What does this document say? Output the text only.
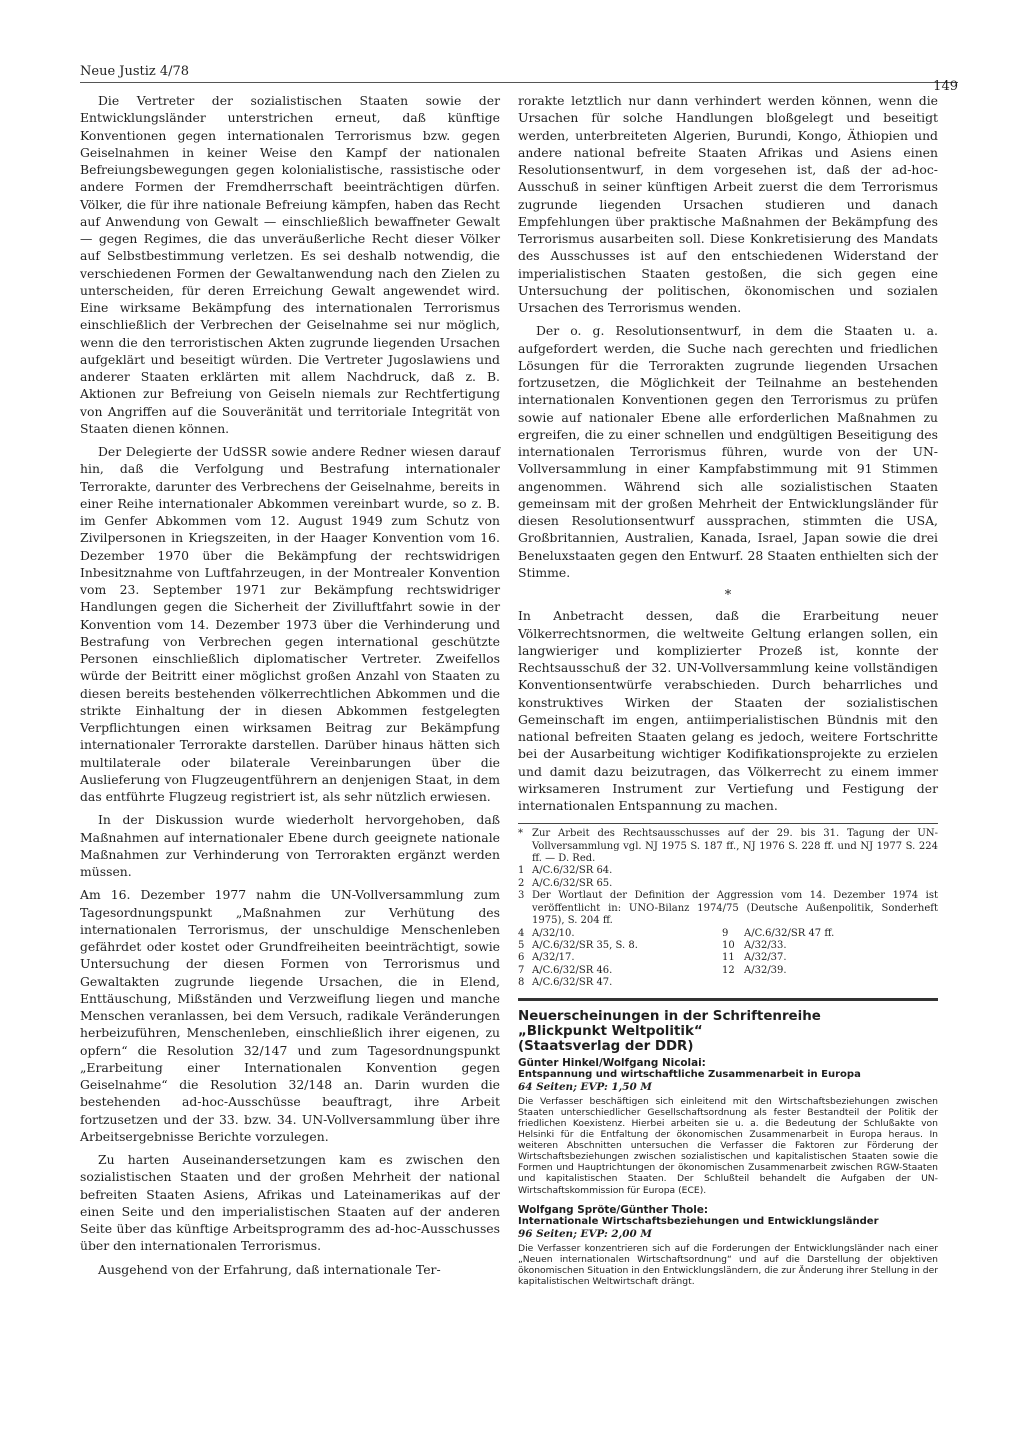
Neue Justiz 4/78
149

Die Vertreter der sozialistischen Staaten sowie der Entwicklungsländer unterstrichen erneut, daß künftige Konventionen gegen internationalen Terrorismus bzw. gegen Geiselnahmen in keiner Weise den Kampf der nationalen Befreiungsbewegungen gegen kolonialistische, rassistische oder andere Formen der Fremdherrschaft beeinträchtigen dürfen. Völker, die für ihre nationale Befreiung kämpfen, haben das Recht auf Anwendung von Gewalt — einschließlich bewaffneter Gewalt — gegen Regimes, die das unveräußerliche Recht dieser Völker auf Selbstbestimmung verletzen. Es sei deshalb notwendig, die verschiedenen Formen der Gewaltanwendung nach den Zielen zu unterscheiden, für deren Erreichung Gewalt angewendet wird. Eine wirksame Bekämpfung des internationalen Terrorismus einschließlich der Verbrechen der Geiselnahme sei nur möglich, wenn die den terroristischen Akten zugrunde liegenden Ursachen aufgeklärt und beseitigt würden. Die Vertreter Jugoslawiens und anderer Staaten erklärten mit allem Nachdruck, daß z. B. Aktionen zur Befreiung von Geiseln niemals zur Rechtfertigung von Angriffen auf die Souveränität und territoriale Integrität von Staaten dienen können.

Der Delegierte der UdSSR sowie andere Redner wiesen darauf hin, daß die Verfolgung und Bestrafung internationaler Terrorakte, darunter des Verbrechens der Geiselnahme, bereits in einer Reihe internationaler Abkommen vereinbart wurde, so z. B. im Genfer Abkommen vom 12. August 1949 zum Schutz von Zivilpersonen in Kriegszeiten, in der Haager Konvention vom 16. Dezember 1970 über die Bekämpfung der rechtswidrigen Inbesitznahme von Luftfahrzeugen, in der Montrealer Konvention vom 23. September 1971 zur Bekämpfung rechtswidriger Handlungen gegen die Sicherheit der Zivilluftfahrt sowie in der Konvention vom 14. Dezember 1973 über die Verhinderung und Bestrafung von Verbrechen gegen international geschützte Personen einschließlich diplomatischer Vertreter. Zweifellos würde der Beitritt einer möglichst großen Anzahl von Staaten zu diesen bereits bestehenden völkerrechtlichen Abkommen und die strikte Einhaltung der in diesen Abkommen festgelegten Verpflichtungen einen wirksamen Beitrag zur Bekämpfung internationaler Terrorakte darstellen. Darüber hinaus hätten sich multilaterale oder bilaterale Vereinbarungen über die Auslieferung von Flugzeugentführern an denjenigen Staat, in dem das entführte Flugzeug registriert ist, als sehr nützlich erwiesen.

In der Diskussion wurde wiederholt hervorgehoben, daß Maßnahmen auf internationaler Ebene durch geeignete nationale Maßnahmen zur Verhinderung von Terrorakten ergänzt werden müssen.

Am 16. Dezember 1977 nahm die UN-Vollversammlung zum Tagesordnungspunkt „Maßnahmen zur Verhütung des internationalen Terrorismus, der unschuldige Menschenleben gefährdet oder kostet oder Grundfreiheiten beeinträchtigt, sowie Untersuchung der diesen Formen von Terrorismus und Gewaltakten zugrunde liegende Ursachen, die in Elend, Enttäuschung, Mißständen und Verzweiflung liegen und manche Menschen veranlassen, bei dem Versuch, radikale Veränderungen herbeizuführen, Menschenleben, einschließlich ihrer eigenen, zu opfern“ die Resolution 32/147 und zum Tagesordnungspunkt „Erarbeitung einer Internationalen Konvention gegen Geiselnahme“ die Resolution 32/148 an. Darin wurden die bestehenden ad-hoc-Ausschüsse beauftragt, ihre Arbeit fortzusetzen und der 33. bzw. 34. UN-Vollversammlung über ihre Arbeitsergebnisse Berichte vorzulegen.

Zu harten Auseinandersetzungen kam es zwischen den sozialistischen Staaten und der großen Mehrheit der national befreiten Staaten Asiens, Afrikas und Lateinamerikas auf der einen Seite und den imperialistischen Staaten auf der anderen Seite über das künftige Arbeitsprogramm des ad-hoc-Ausschusses über den internationalen Terrorismus.

Ausgehend von der Erfahrung, daß internationale Ter-

rorakte letztlich nur dann verhindert werden können, wenn die Ursachen für solche Handlungen bloßgelegt und beseitigt werden, unterbreiteten Algerien, Burundi, Kongo, Äthiopien und andere national befreite Staaten Afrikas und Asiens einen Resolutionsentwurf, in dem vorgesehen ist, daß der ad-hoc-Ausschuß in seiner künftigen Arbeit zuerst die dem Terrorismus zugrunde liegenden Ursachen studieren und danach Empfehlungen über praktische Maßnahmen der Bekämpfung des Terrorismus ausarbeiten soll. Diese Konkretisierung des Mandats des Ausschusses ist auf den entschiedenen Widerstand der imperialistischen Staaten gestoßen, die sich gegen eine Untersuchung der politischen, ökonomischen und sozialen Ursachen des Terrorismus wenden.

Der o. g. Resolutionsentwurf, in dem die Staaten u. a. aufgefordert werden, die Suche nach gerechten und friedlichen Lösungen für die Terrorakten zugrunde liegenden Ursachen fortzusetzen, die Möglichkeit der Teilnahme an bestehenden internationalen Konventionen gegen den Terrorismus zu prüfen sowie auf nationaler Ebene alle erforderlichen Maßnahmen zu ergreifen, die zu einer schnellen und endgültigen Beseitigung des internationalen Terrorismus führen, wurde von der UN-Vollversammlung in einer Kampfabstimmung mit 91 Stimmen angenommen. Während sich alle sozialistischen Staaten gemeinsam mit der großen Mehrheit der Entwicklungsländer für diesen Resolutionsentwurf aussprachen, stimmten die USA, Großbritannien, Australien, Kanada, Israel, Japan sowie die drei Beneluxstaaten gegen den Entwurf. 28 Staaten enthielten sich der Stimme.

*

In Anbetracht dessen, daß die Erarbeitung neuer Völkerrechtsnormen, die weltweite Geltung erlangen sollen, ein langwieriger und komplizierter Prozeß ist, konnte der Rechtsausschuß der 32. UN-Vollversammlung keine vollständigen Konventionsentwürfe verabschieden. Durch beharrliches und konstruktives Wirken der Staaten der sozialistischen Gemeinschaft im engen, antiimperialistischen Bündnis mit den national befreiten Staaten gelang es jedoch, weitere Fortschritte bei der Ausarbeitung wichtiger Kodifikationsprojekte zu erzielen und damit dazu beizutragen, das Völkerrecht zu einem immer wirksameren Instrument zur Vertiefung und Festigung der internationalen Entspannung zu machen.

* Zur Arbeit des Rechtsausschusses auf der 29. bis 31. Tagung der UN-Vollversammlung vgl. NJ 1975 S. 187 ff., NJ 1976 S. 228 ff. und NJ 1977 S. 224 ff. — D. Red.
1 A/C.6/32/SR 64.
2 A/C.6/32/SR 65.
3 Der Wortlaut der Definition der Aggression vom 14. Dezember 1974 ist veröffentlicht in: UNO-Bilanz 1974/75 (Deutsche Außenpolitik, Sonderheft 1975), S. 204 ff.
4 A/32/10.	9	A/C.6/32/SR 47 ff.
5 A/C.6/32/SR 35, S. 8.	10 A/32/33.
6 A/32/17.	11 A/32/37.
7 A/C.6/32/SR 46.	12 A/32/39.
8 A/C.6/32/SR 47.
Neuerscheinungen in der Schriftenreihe
„Blickpunkt Weltpolitik“
(Staatsverlag der DDR)
Günter Hinkel/Wolfgang Nicolai:
Entspannung und wirtschaftliche Zusammenarbeit in Europa
64 Seiten; EVP: 1,50 M
Die Verfasser beschäftigen sich einleitend mit den Wirtschaftsbeziehungen zwischen Staaten unterschiedlicher Gesellschaftsordnung als fester Bestandteil der Politik der friedlichen Koexistenz. Hierbei arbeiten sie u. a. die Bedeutung der Schlußakte von Helsinki für die Entfaltung der ökonomischen Zusammenarbeit in Europa heraus. In weiteren Abschnitten untersuchen die Verfasser die Faktoren zur Förderung der Wirtschaftsbeziehungen zwischen sozialistischen und kapitalistischen Staaten sowie die Formen und Hauptrichtungen der ökonomischen Zusammenarbeit zwischen RGW-Staaten und kapitalistischen Staaten. Der Schlußteil behandelt die Aufgaben der UN-Wirtschaftskommission für Europa (ECE).
Wolfgang Spröte/Günther Thole:
Internationale Wirtschaftsbeziehungen und Entwicklungsländer
96 Seiten; EVP: 2,00 M
Die Verfasser konzentrieren sich auf die Forderungen der Entwicklungsländer nach einer „Neuen internationalen Wirtschaftsordnung“ und auf die Darstellung der objektiven ökonomischen Situation in den Entwicklungsländern, die zur Änderung ihrer Stellung in der kapitalistischen Weltwirtschaft drängt.
